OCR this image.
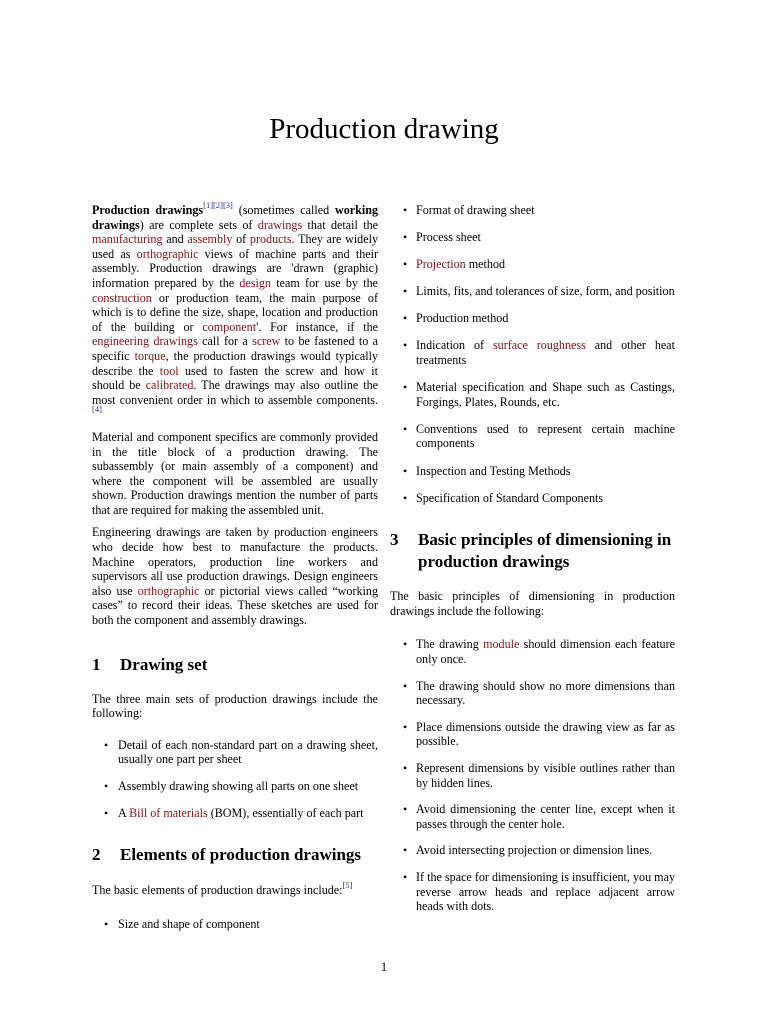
Production drawing

Production drawings[1][2][3] (sometimes called working drawings) are complete sets of drawings that detail the manufacturing and assembly of products. They are widely used as orthographic views of machine parts and their assembly. Production drawings are 'drawn (graphic) information prepared by the design team for use by the construction or production team, the main purpose of which is to define the size, shape, location and production of the building or component'. For instance, if the engineering drawings call for a screw to be fastened to a specific torque, the production drawings would typically describe the tool used to fasten the screw and how it should be calibrated. The drawings may also outline the most convenient order in which to assemble components.[4]

Material and component specifics are commonly provided in the title block of a production drawing. The subassembly (or main assembly of a component) and where the component will be assembled are usually shown. Production drawings mention the number of parts that are required for making the assembled unit.

Engineering drawings are taken by production engineers who decide how best to manufacture the products. Machine operators, production line workers and supervisors all use production drawings. Design engineers also use orthographic or pictorial views called “working cases” to record their ideas. These sketches are used for both the component and assembly drawings.

1 Drawing set

The three main sets of production drawings include the following:

• Detail of each non-standard part on a drawing sheet, usually one part per sheet
• Assembly drawing showing all parts on one sheet
• A Bill of materials (BOM), essentially of each part
2 Elements of production drawings

The basic elements of production drawings include:[5]

• Size and shape of component
• Format of drawing sheet
• Process sheet
• Projection method
• Limits, fits, and tolerances of size, form, and position
• Production method
• Indication of surface roughness and other heat treatments
• Material specification and Shape such as Castings, Forgings, Plates, Rounds, etc.
• Conventions used to represent certain machine components
• Inspection and Testing Methods
• Specification of Standard Components
3	Basic principles of dimensioning in production drawings

The basic principles of dimensioning in production drawings include the following:

• The drawing module should dimension each feature only once.
• The drawing should show no more dimensions than necessary.
• Place dimensions outside the drawing view as far as possible.
• Represent dimensions by visible outlines rather than by hidden lines.
• Avoid dimensioning the center line, except when it passes through the center hole.
• Avoid intersecting projection or dimension lines.
• If the space for dimensioning is insufficient, you may reverse arrow heads and replace adjacent arrow heads with dots.
1
